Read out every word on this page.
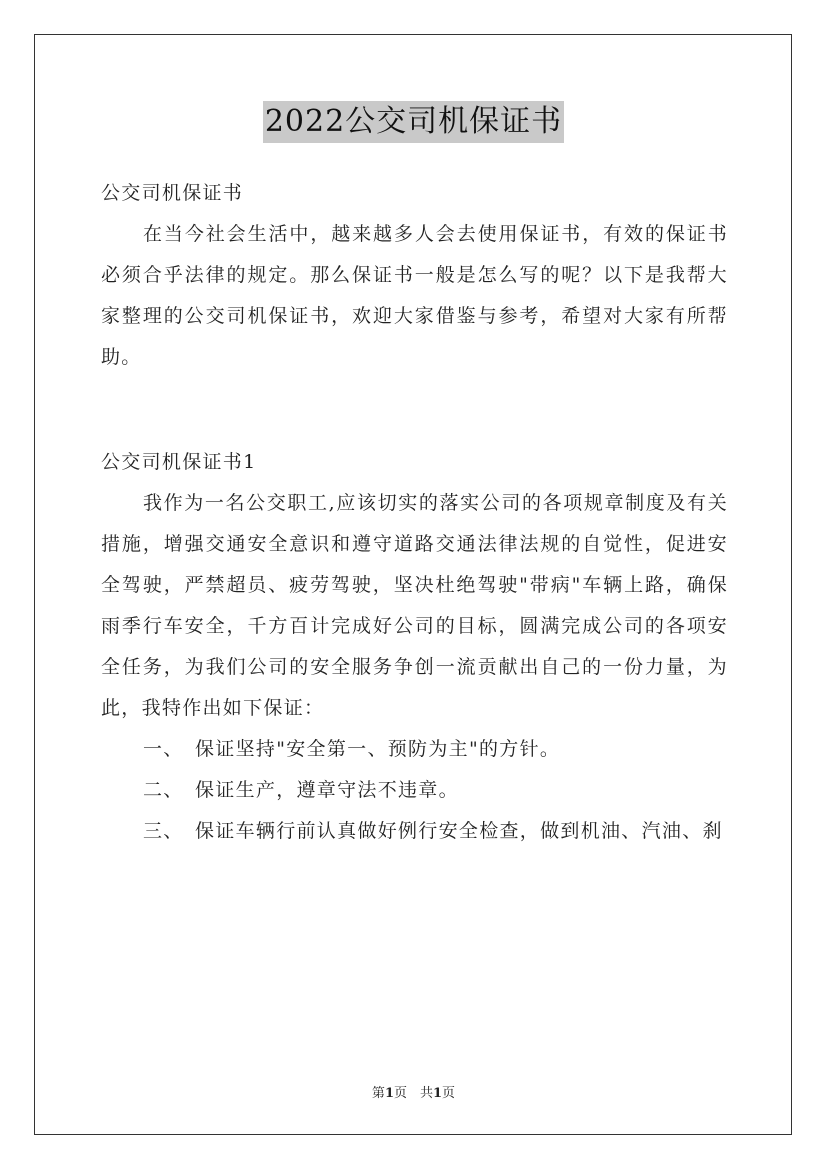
2022公交司机保证书

公交司机保证书

在当今社会生活中，越来越多人会去使用保证书，有效的保证书必须合乎法律的规定。那么保证书一般是怎么写的呢？以下是我帮大家整理的公交司机保证书，欢迎大家借鉴与参考，希望对大家有所帮助。

公交司机保证书1

我作为一名公交职工,应该切实的落实公司的各项规章制度及有关措施，增强交通安全意识和遵守道路交通法律法规的自觉性，促进安全驾驶，严禁超员、疲劳驾驶，坚决杜绝驾驶"带病"车辆上路，确保雨季行车安全，千方百计完成好公司的目标，圆满完成公司的各项安全任务，为我们公司的安全服务争创一流贡献出自己的一份力量，为此，我特作出如下保证：

一、 保证坚持"安全第一、预防为主"的方针。

二、 保证生产，遵章守法不违章。

三、 保证车辆行前认真做好例行安全检查，做到机油、汽油、刹

第1页　共1页
